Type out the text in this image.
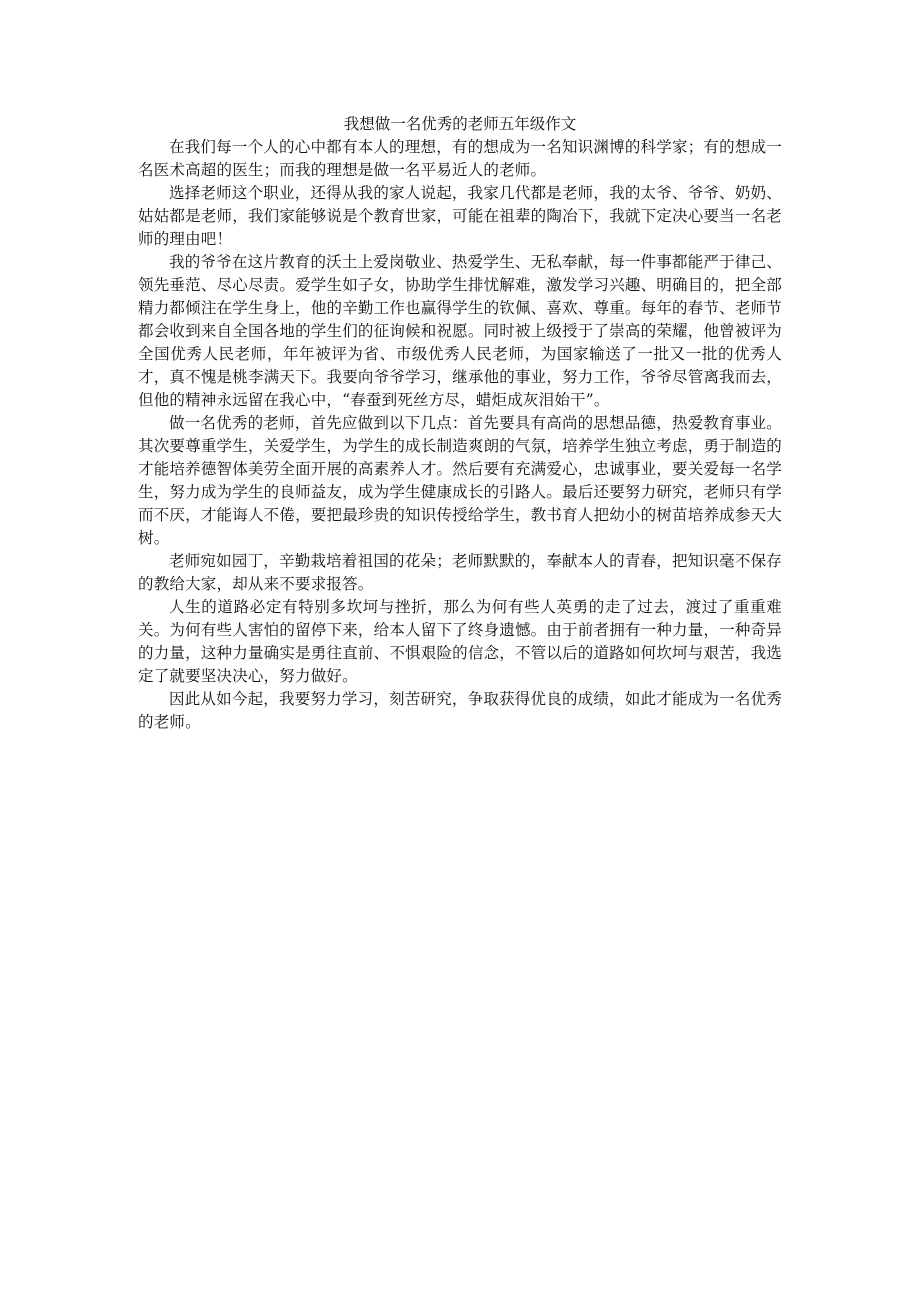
我想做一名优秀的老师五年级作文

在我们每一个人的心中都有本人的理想，有的想成为一名知识渊博的科学家；有的想成一名医术高超的医生；而我的理想是做一名平易近人的老师。

选择老师这个职业，还得从我的家人说起，我家几代都是老师，我的太爷、爷爷、奶奶、姑姑都是老师，我们家能够说是个教育世家，可能在祖辈的陶冶下，我就下定决心要当一名老师的理由吧！

我的爷爷在这片教育的沃土上爱岗敬业、热爱学生、无私奉献，每一件事都能严于律己、领先垂范、尽心尽责。爱学生如子女，协助学生排忧解难，激发学习兴趣、明确目的，把全部精力都倾注在学生身上，他的辛勤工作也赢得学生的钦佩、喜欢、尊重。每年的春节、老师节都会收到来自全国各地的学生们的征询候和祝愿。同时被上级授于了崇高的荣耀，他曾被评为全国优秀人民老师，年年被评为省、市级优秀人民老师，为国家输送了一批又一批的优秀人才，真不愧是桃李满天下。我要向爷爷学习，继承他的事业，努力工作，爷爷尽管离我而去，但他的精神永远留在我心中，“春蚕到死丝方尽，蜡炬成灰泪始干”。

做一名优秀的老师，首先应做到以下几点：首先要具有高尚的思想品德，热爱教育事业。其次要尊重学生，关爱学生，为学生的成长制造爽朗的气氛，培养学生独立考虑，勇于制造的才能培养德智体美劳全面开展的高素养人才。然后要有充满爱心，忠诚事业，要关爱每一名学生，努力成为学生的良师益友，成为学生健康成长的引路人。最后还要努力研究，老师只有学而不厌，才能诲人不倦，要把最珍贵的知识传授给学生，教书育人把幼小的树苗培养成参天大树。

老师宛如园丁，辛勤栽培着祖国的花朵；老师默默的，奉献本人的青春，把知识毫不保存的教给大家，却从来不要求报答。

人生的道路必定有特别多坎坷与挫折，那么为何有些人英勇的走了过去，渡过了重重难关。为何有些人害怕的留停下来，给本人留下了终身遗憾。由于前者拥有一种力量，一种奇异的力量，这种力量确实是勇往直前、不惧艰险的信念，不管以后的道路如何坎坷与艰苦，我选定了就要坚决决心，努力做好。

因此从如今起，我要努力学习，刻苦研究，争取获得优良的成绩，如此才能成为一名优秀的老师。
